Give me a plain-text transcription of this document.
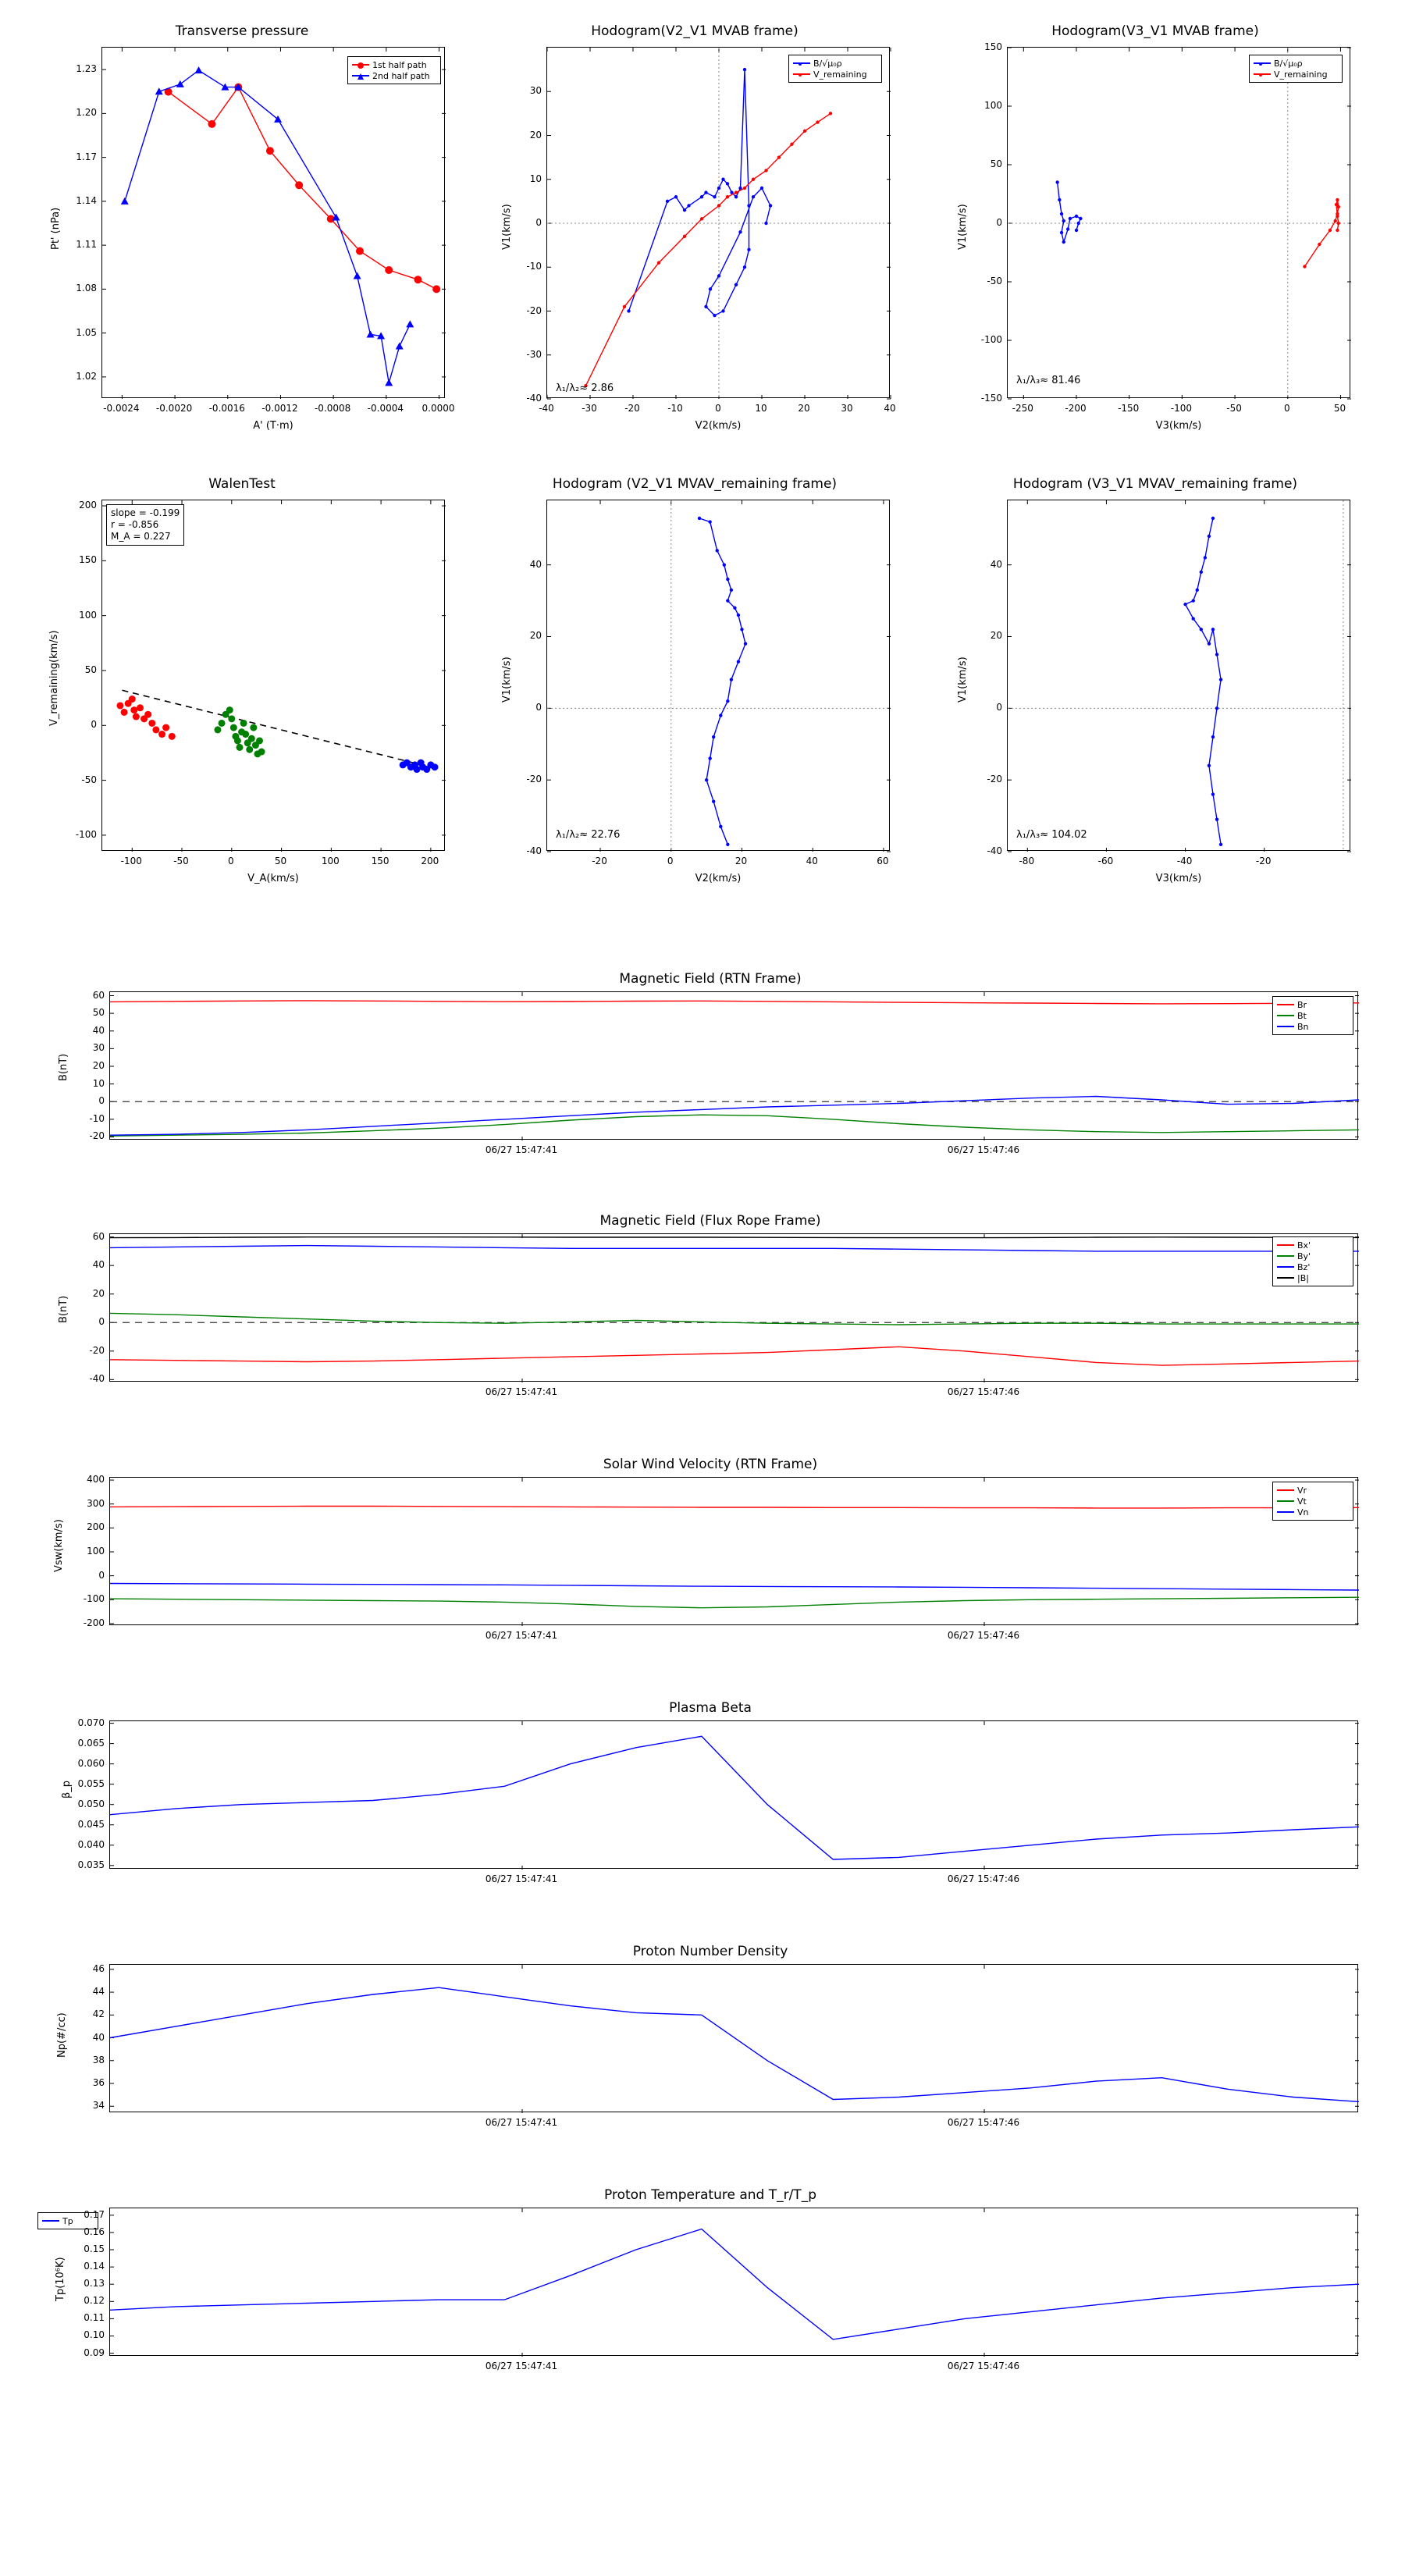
Transverse pressure
Pt' (nPa)
A' (T·m)
1st half path
2nd half path
-0.0024 -0.0020 -0.0016 -0.0012 -0.0008 -0.0004 0.0000
1.02
1.05
1.08
1.11
1.14
1.17
1.20
1.23
Hodogram(V2_V1 MVAB frame)
V1(km/s)
V2(km/s)
B/√μ₀ρ
V_remaining
λ₁/λ₂≈ 2.86
-40	-30	-20	-10	0	10	20	30	40
-40
-30
-20
-10
0
10
20
30
Hodogram(V3_V1 MVAB frame)
V1(km/s)
V3(km/s)
B/√μ₀ρ
V_remaining
λ₁/λ₃≈ 81.46
-250	-200	-150	-100	-50	0	50
-150
-100
-50
0
50
100
150
WalenTest
V_remaining(km/s)
V_A(km/s)
slope = -0.199
r = -0.856
M_A = 0.227
-100	-50	0	50	100	150	200
-100
-50
0
50
100
150
200
Hodogram (V2_V1 MVAV_remaining frame)
V1(km/s)
V2(km/s)
λ₁/λ₂≈ 22.76
-20	0	20	40	60
-40
-20
0
20
40
Hodogram (V3_V1 MVAV_remaining frame)
V1(km/s)
V3(km/s)
λ₁/λ₃≈ 104.02
-80	-60	-40	-20
-40
-20
0
20
40
Magnetic Field (RTN Frame)
B(nT)
Br
Bt
Bn
-20
-10
0
10
20
30
40
50
60
06/27 15:47:41	06/27 15:47:46
Magnetic Field (Flux Rope Frame)
B(nT)
Bx'
By'
Bz'
|B|
-40
-20
0
20
40
60
06/27 15:47:41	06/27 15:47:46
Solar Wind Velocity (RTN Frame)
Vsw(km/s)
Vr
Vt
Vn
-200
-100
0
100
200
300
400
06/27 15:47:41	06/27 15:47:46
Plasma Beta
β_p
0.035
0.040
0.045
0.050
0.055
0.060
0.065
0.070
06/27 15:47:41	06/27 15:47:46
Proton Number Density
Np(#/cc)
34
36
38
40
42
44
46
06/27 15:47:41	06/27 15:47:46
Proton Temperature and T_r/T_p
Tp(10⁶K)
Tp
0.09
0.10
0.11
0.12
0.13
0.14
0.15
0.16
0.17
06/27 15:47:41	06/27 15:47:46
